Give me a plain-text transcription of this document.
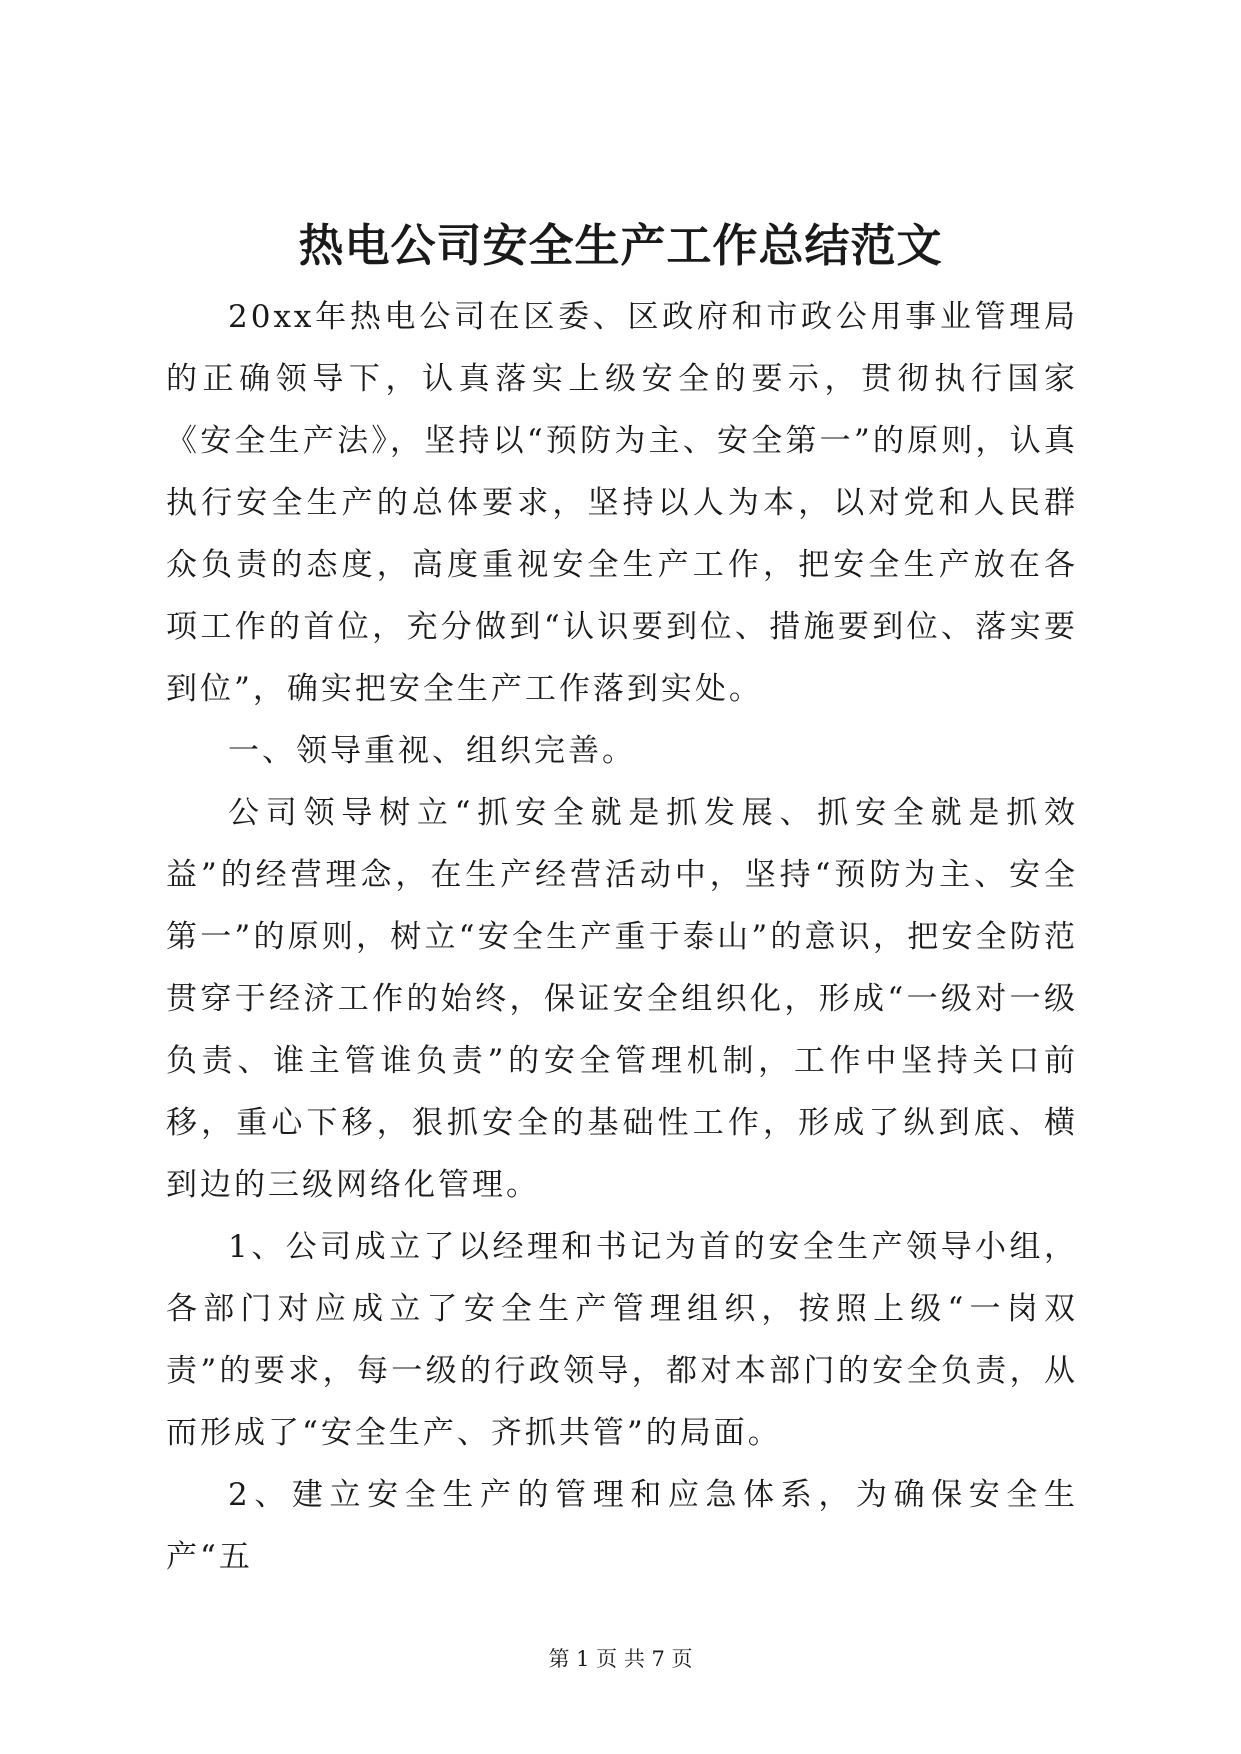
热电公司安全生产工作总结范文

20xx年热电公司在区委、区政府和市政公用事业管理局的正确领导下，认真落实上级安全的要示，贯彻执行国家《安全生产法》，坚持以“预防为主、安全第一”的原则，认真执行安全生产的总体要求，坚持以人为本，以对党和人民群众负责的态度，高度重视安全生产工作，把安全生产放在各项工作的首位，充分做到“认识要到位、措施要到位、落实要到位”，确实把安全生产工作落到实处。

一、领导重视、组织完善。

公司领导树立“抓安全就是抓发展、抓安全就是抓效益”的经营理念，在生产经营活动中，坚持“预防为主、安全第一”的原则，树立“安全生产重于泰山”的意识，把安全防范贯穿于经济工作的始终，保证安全组织化，形成“一级对一级负责、谁主管谁负责”的安全管理机制，工作中坚持关口前移，重心下移，狠抓安全的基础性工作，形成了纵到底、横到边的三级网络化管理。

1、公司成立了以经理和书记为首的安全生产领导小组，各部门对应成立了安全生产管理组织，按照上级“一岗双责”的要求，每一级的行政领导，都对本部门的安全负责，从而形成了“安全生产、齐抓共管”的局面。

2、建立安全生产的管理和应急体系，为确保安全生产“五

第 1 页 共 7 页
